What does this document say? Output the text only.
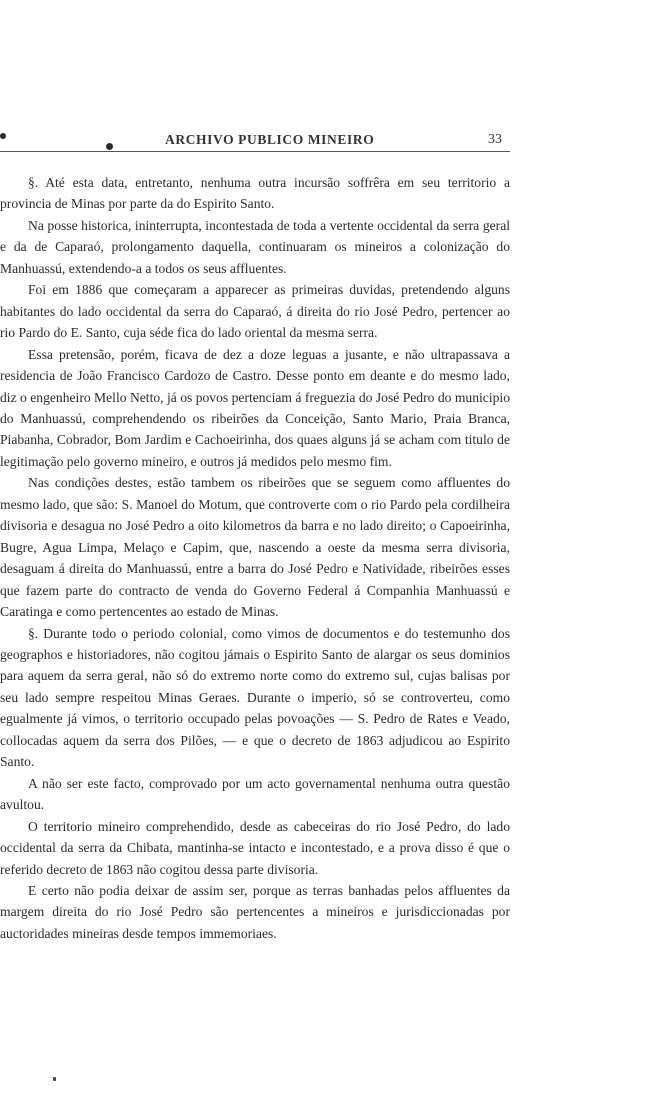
ARCHIVO PUBLICO MINEIRO	33

§. Até esta data, entretanto, nenhuma outra incursão soffrêra em seu territorio a provincia de Minas por parte da do Espirito Santo.

Na posse historica, ininterrupta, incontestada de toda a vertente occidental da serra geral e da de Caparaó, prolongamento daquella, continuaram os mineiros a colonização do Manhuassú, extendendo-a a todos os seus affluentes.

Foi em 1886 que começaram a apparecer as primeiras duvidas, pretendendo alguns habitantes do lado occidental da serra do Caparaó, á direita do rio José Pedro, pertencer ao rio Pardo do E. Santo, cuja séde fica do lado oriental da mesma serra.

Essa pretensão, porém, ficava de dez a doze leguas a jusante, e não ultrapassava a residencia de João Francisco Cardozo de Castro. Desse ponto em deante e do mesmo lado, diz o engenheiro Mello Netto, já os povos pertenciam á freguezia do José Pedro do municipio do Manhuassú, comprehendendo os ribeirões da Conceição, Santo Mario, Praia Branca, Piabanha, Cobrador, Bom Jardim e Cachoeirinha, dos quaes alguns já se acham com titulo de legitimação pelo governo mineiro, e outros já medidos pelo mesmo fim.

Nas condições destes, estão tambem os ribeirões que se seguem como affluentes do mesmo lado, que são: S. Manoel do Motum, que controverte com o rio Pardo pela cordilheira divisoria e desagua no José Pedro a oito kilometros da barra e no lado direito; o Capoeirinha, Bugre, Agua Limpa, Melaço e Capim, que, nascendo a oeste da mesma serra divisoria, desaguam á direita do Manhuassú, entre a barra do José Pedro e Natividade, ribeirões esses que fazem parte do contracto de venda do Governo Federal á Companhia Manhuassú e Caratinga e como pertencentes ao estado de Minas.

§. Durante todo o periodo colonial, como vimos de documentos e do testemunho dos geographos e historiadores, não cogitou jámais o Espirito Santo de alargar os seus dominios para aquem da serra geral, não só do extremo norte como do extremo sul, cujas balisas por seu lado sempre respeitou Minas Geraes. Durante o imperio, só se controverteu, como egualmente já vimos, o territorio occupado pelas povoações — S. Pedro de Rates e Veado, collocadas aquem da serra dos Pilões, — e que o decreto de 1863 adjudicou ao Espirito Santo.

A não ser este facto, comprovado por um acto governamental nenhuma outra questão avultou.

O territorio mineiro comprehendido, desde as cabeceiras do rio José Pedro, do lado occidental da serra da Chibata, mantinha-se intacto e incontestado, e a prova disso é que o referido decreto de 1863 não cogitou dessa parte divisoria.

E certo não podia deixar de assim ser, porque as terras banhadas pelos affluentes da margem direita do rio José Pedro são pertencentes a mineiros e jurisdiccionadas por auctoridades mineiras desde tempos immemoriaes.
